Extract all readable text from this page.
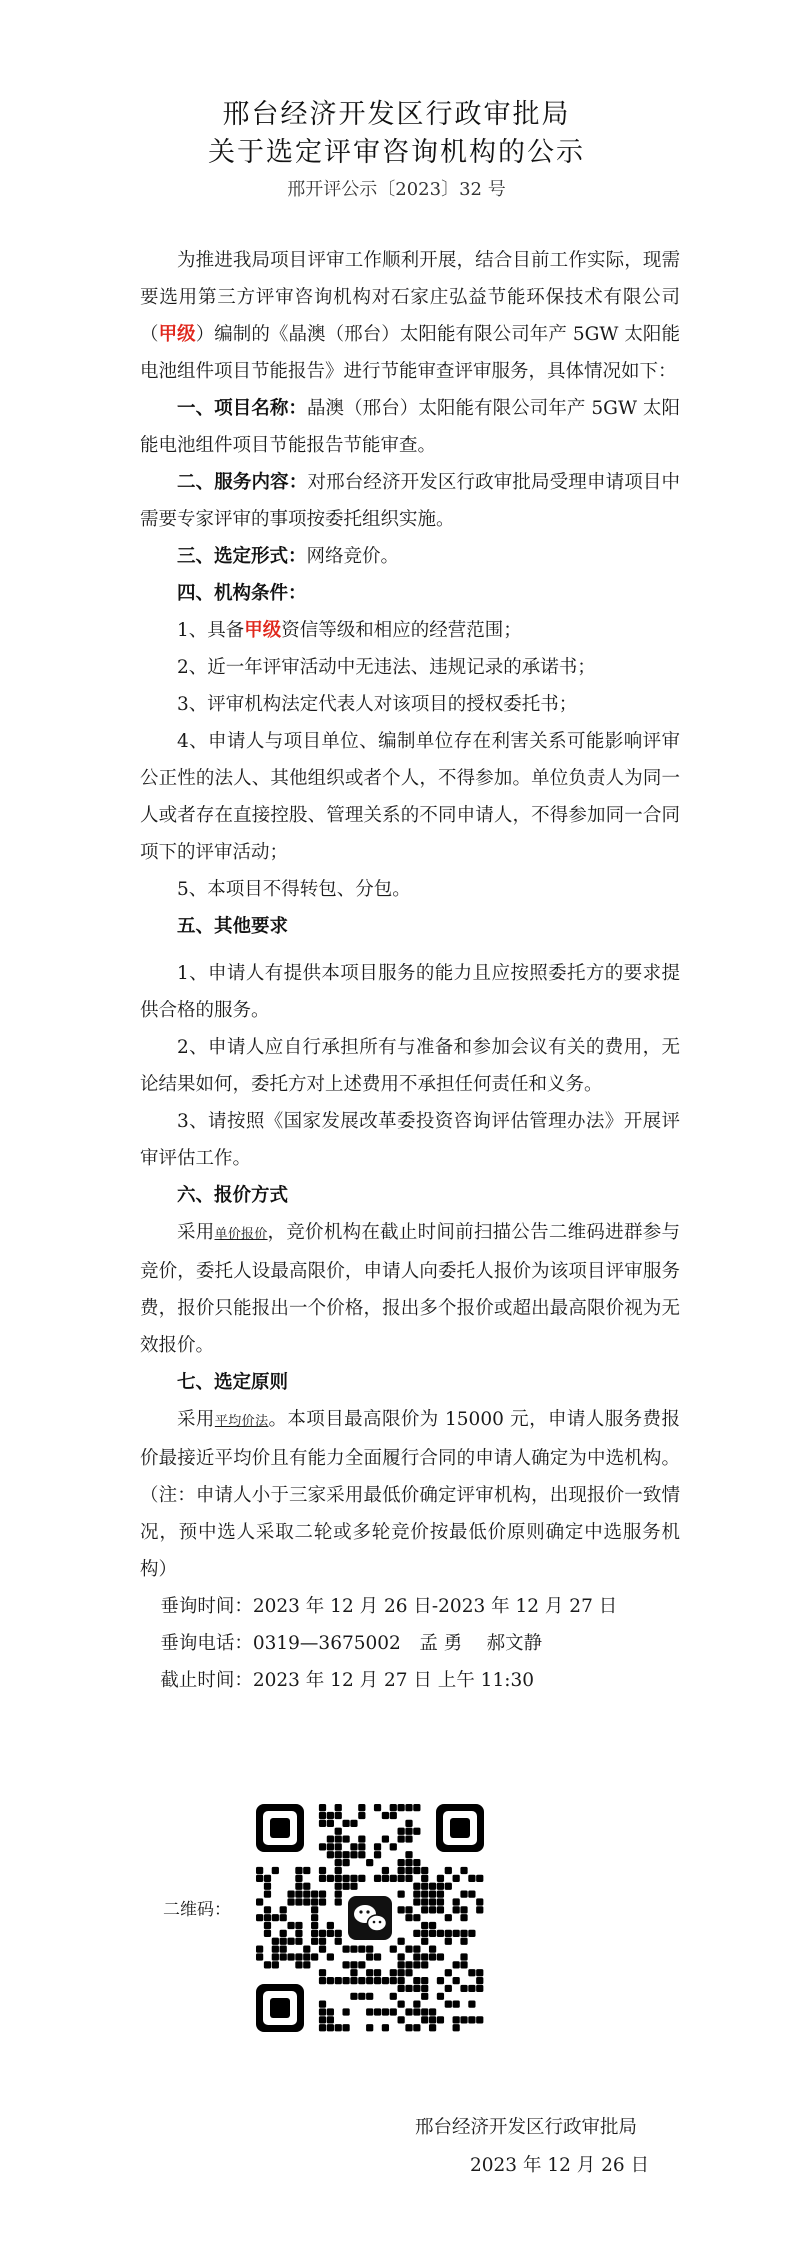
邢台经济开发区行政审批局
关于选定评审咨询机构的公示
邢开评公示〔2023〕32 号

为推进我局项目评审工作顺利开展，结合目前工作实际，现需要选用第三方评审咨询机构对石家庄弘益节能环保技术有限公司（甲级）编制的《晶澳（邢台）太阳能有限公司年产 5GW 太阳能电池组件项目节能报告》进行节能审查评审服务，具体情况如下：

一、项目名称：晶澳（邢台）太阳能有限公司年产 5GW 太阳能电池组件项目节能报告节能审查。

二、服务内容：对邢台经济开发区行政审批局受理申请项目中需要专家评审的事项按委托组织实施。

三、选定形式：网络竞价。

四、机构条件：

1、具备甲级资信等级和相应的经营范围；

2、近一年评审活动中无违法、违规记录的承诺书；

3、评审机构法定代表人对该项目的授权委托书；

4、申请人与项目单位、编制单位存在利害关系可能影响评审公正性的法人、其他组织或者个人，不得参加。单位负责人为同一人或者存在直接控股、管理关系的不同申请人，不得参加同一合同项下的评审活动；

5、本项目不得转包、分包。

五、其他要求

1、申请人有提供本项目服务的能力且应按照委托方的要求提供合格的服务。

2、申请人应自行承担所有与准备和参加会议有关的费用，无论结果如何，委托方对上述费用不承担任何责任和义务。

3、请按照《国家发展改革委投资咨询评估管理办法》开展评审评估工作。

六、报价方式

采用单价报价，竞价机构在截止时间前扫描公告二维码进群参与竞价，委托人设最高限价，申请人向委托人报价为该项目评审服务费，报价只能报出一个价格，报出多个报价或超出最高限价视为无效报价。

七、选定原则

采用平均价法。本项目最高限价为 15000 元，申请人服务费报价最接近平均价且有能力全面履行合同的申请人确定为中选机构。（注：申请人小于三家采用最低价确定评审机构，出现报价一致情况，预中选人采取二轮或多轮竞价按最低价原则确定中选服务机构）

垂询时间：2023 年 12 月 26 日-2023 年 12 月 27 日

垂询电话：0319—3675002　孟 勇　 郝文静

截止时间：2023 年 12 月 27 日 上午 11:30

二维码：
邢台经济开发区行政审批局
2023 年 12 月 26 日
